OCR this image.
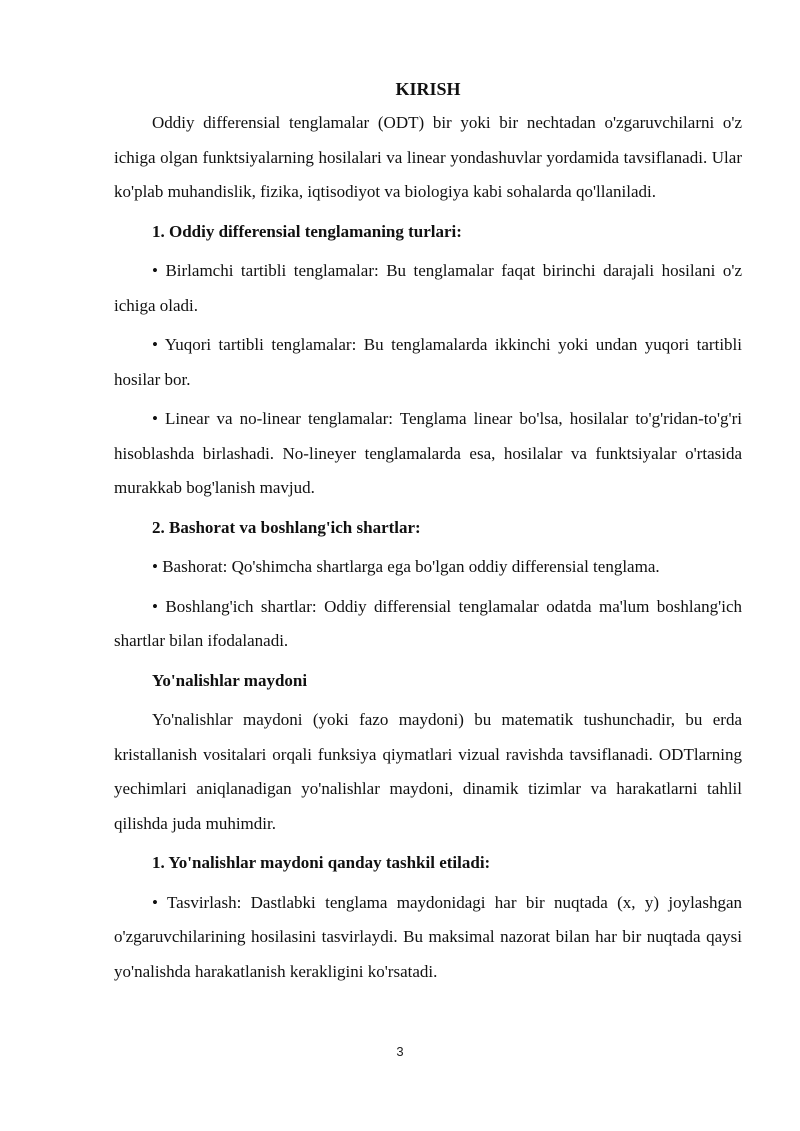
KIRISH

Oddiy differensial tenglamalar (ODT) bir yoki bir nechtadan o'zgaruvchilarni o'z ichiga olgan funktsiyalarning hosilalari va linear yondashuvlar yordamida tavsiflanadi. Ular ko'plab muhandislik, fizika, iqtisodiyot va biologiya kabi sohalarda qo'llaniladi.

1. Oddiy differensial tenglamaning turlari:

• Birlamchi tartibli tenglamalar: Bu tenglamalar faqat birinchi darajali hosilani o'z ichiga oladi.

• Yuqori tartibli tenglamalar: Bu tenglamalarda ikkinchi yoki undan yuqori tartibli hosilar bor.

• Linear va no-linear tenglamalar: Tenglama linear bo'lsa, hosilalar to'g'ridan-to'g'ri hisoblashda birlashadi. No-lineyer tenglamalarda esa, hosilalar va funktsiyalar o'rtasida murakkab bog'lanish mavjud.

2. Bashorat va boshlang'ich shartlar:

• Bashorat: Qo'shimcha shartlarga ega bo'lgan oddiy differensial tenglama.

• Boshlang'ich shartlar: Oddiy differensial tenglamalar odatda ma'lum boshlang'ich shartlar bilan ifodalanadi.

Yo'nalishlar maydoni

Yo'nalishlar maydoni (yoki fazo maydoni) bu matematik tushunchadir, bu erda kristallanish vositalari orqali funksiya qiymatlari vizual ravishda tavsiflanadi. ODTlarning yechimlari aniqlanadigan yo'nalishlar maydoni, dinamik tizimlar va harakatlarni tahlil qilishda juda muhimdir.

1. Yo'nalishlar maydoni qanday tashkil etiladi:

• Tasvirlash: Dastlabki tenglama maydonidagi har bir nuqtada (x, y) joylashgan o'zgaruvchilarining hosilasini tasvirlaydi. Bu maksimal nazorat bilan har bir nuqtada qaysi yo'nalishda harakatlanish kerakligini ko'rsatadi.

3
